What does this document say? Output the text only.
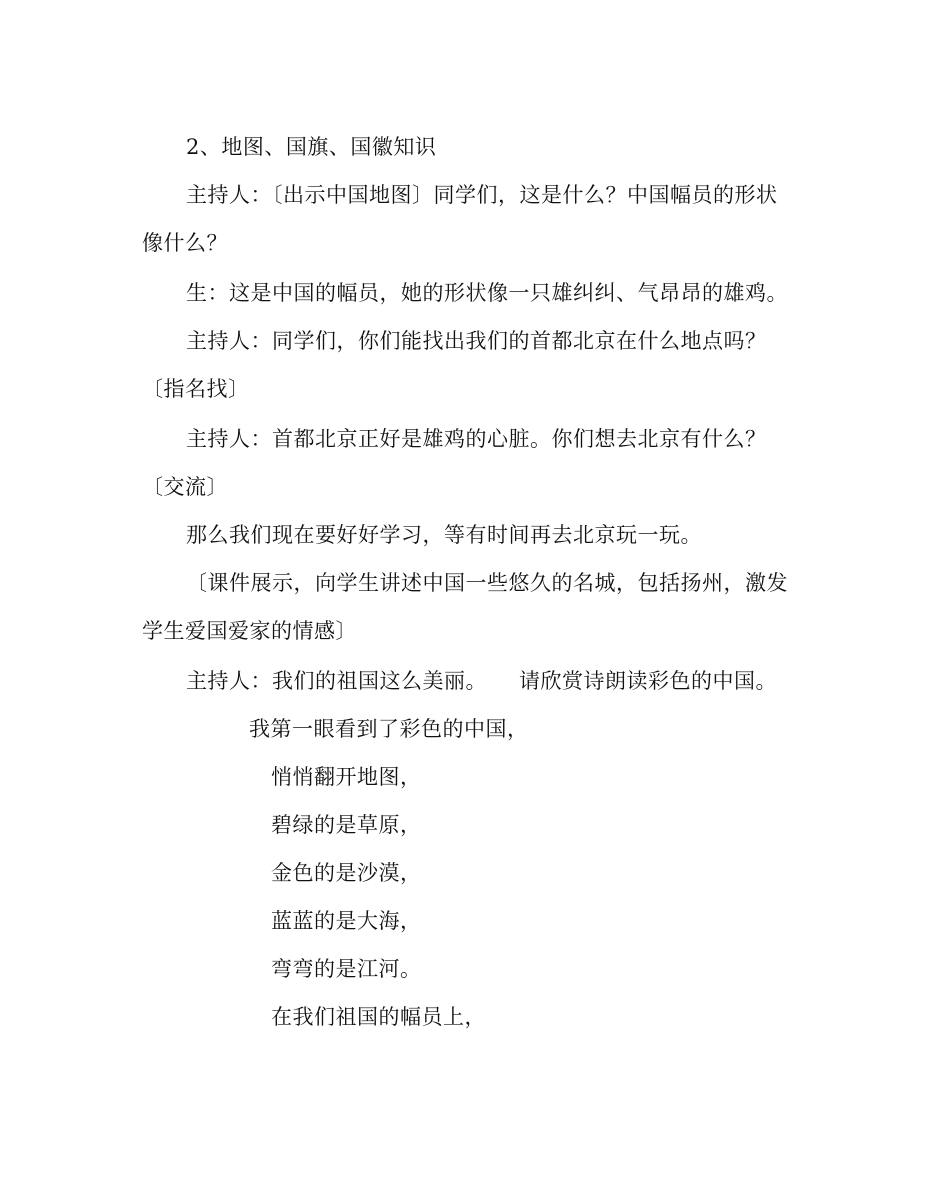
2、地图、国旗、国徽知识
主持人：〔出示中国地图〕同学们，这是什么？中国幅员的形状
像什么？
生：这是中国的幅员，她的形状像一只雄纠纠、气昂昂的雄鸡。
主持人：同学们，你们能找出我们的首都北京在什么地点吗？
〔指名找〕
主持人：首都北京正好是雄鸡的心脏。你们想去北京有什么？
〔交流〕
那么我们现在要好好学习，等有时间再去北京玩一玩。
〔课件展示，向学生讲述中国一些悠久的名城，包括扬州，激发
学生爱国爱家的情感〕
主持人：我们的祖国这么美丽。 请欣赏诗朗读彩色的中国。
我第一眼看到了彩色的中国，
悄悄翻开地图，
碧绿的是草原，
金色的是沙漠，
蓝蓝的是大海，
弯弯的是江河。
在我们祖国的幅员上，
